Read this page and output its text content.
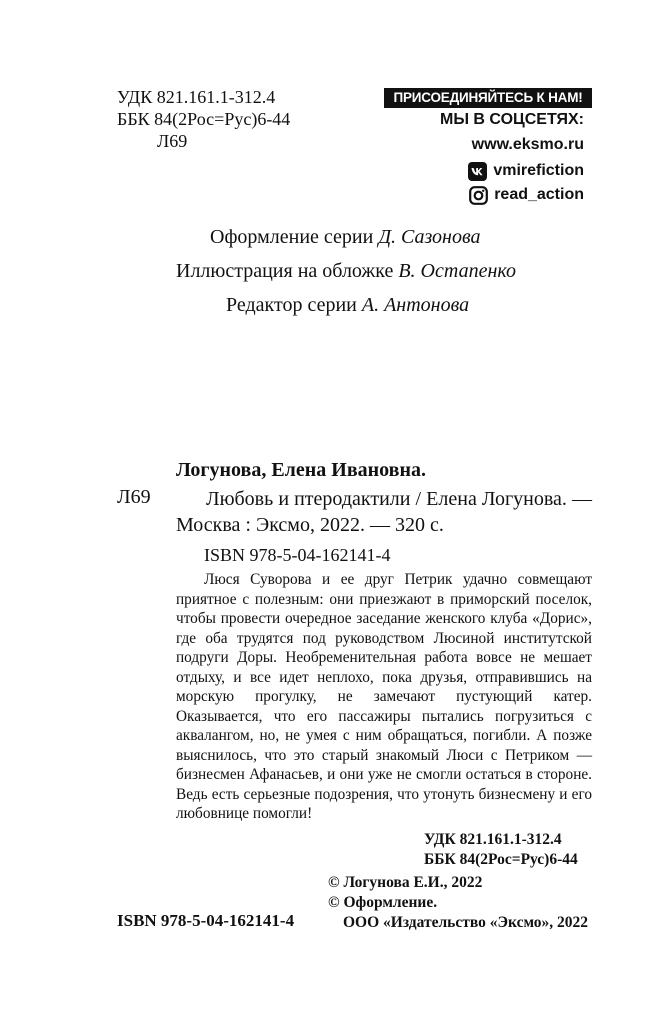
УДК 821.161.1-312.4
ББК 84(2Рос=Рус)6-44
Л69
ПРИСОЕДИНЯЙТЕСЬ К НАМ!
МЫ В СОЦСЕТЯХ:
www.eksmo.ru
vmirefiction
read_action
Оформление серии Д. Сазонова
Иллюстрация на обложке В. Остапенко
Редактор серии А. Антонова
Логунова, Елена Ивановна.
Л69	Любовь и птеродактили / Елена Логунова. — Москва : Эксмо, 2022. — 320 с.
ISBN 978-5-04-162141-4
Люся Суворова и ее друг Петрик удачно совмещают приятное с полезным: они приезжают в приморский поселок, чтобы провести очередное заседание женского клуба «Дорис», где оба трудятся под руководством Люсиной институтской подруги Доры. Необременительная работа вовсе не мешает отдыху, и все идет неплохо, пока друзья, отправившись на морскую прогулку, не замечают пустующий катер. Оказывается, что его пассажиры пытались погрузиться с аквалангом, но, не умея с ним обращаться, погибли. А позже выяснилось, что это старый знакомый Люси с Петриком — бизнесмен Афанасьев, и они уже не смогли остаться в стороне. Ведь есть серьезные подозрения, что утонуть бизнесмену и его любовнице помогли!
УДК 821.161.1-312.4
ББК 84(2Рос=Рус)6-44
© Логунова Е.И., 2022
© Оформление.
ISBN 978-5-04-162141-4	ООО «Издательство «Эксмо», 2022
